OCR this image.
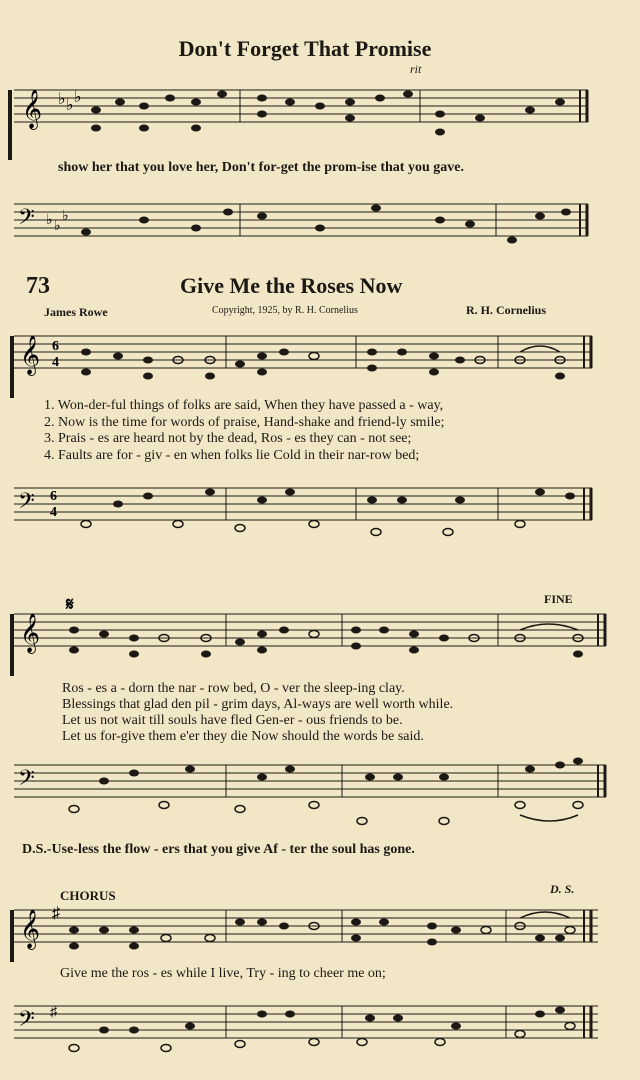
Don't Forget That Promise
rit
𝄞 ♭ ♭ ♭
show her that you love her, Don't for-get the prom-ise that you gave.
𝄢 ♭ ♭
♭
73	Give Me the Roses Now
James Rowe	Copyright, 1925, by R. H. Cornelius	R. H. Cornelius
𝄞 6
4
1. Won-der-ful things of folks are said, When they have passed a - way,
2. Now is the time for words of praise, Hand-shake and friend-ly smile;
3. Prais - es are heard not by the dead, Ros - es they can - not see;
4. Faults are for - giv - en when folks lie Cold in their nar-row bed;
𝄢 6
4
𝄞
𝄋	FINE
Ros - es a - dorn the nar - row bed, O - ver the sleep-ing clay.
Blessings that glad den pil - grim days, Al-ways are well worth while.
Let us not wait till souls have fled Gen-er - ous friends to be.
Let us for-give them e'er they die Now should the words be said.
𝄢
D.S.-Use-less the flow - ers that you give Af - ter the soul has gone.
CHORUS	D. S.
𝄞 ♯
Give me the ros - es while I live, Try - ing to cheer me on;
𝄢 ♯
